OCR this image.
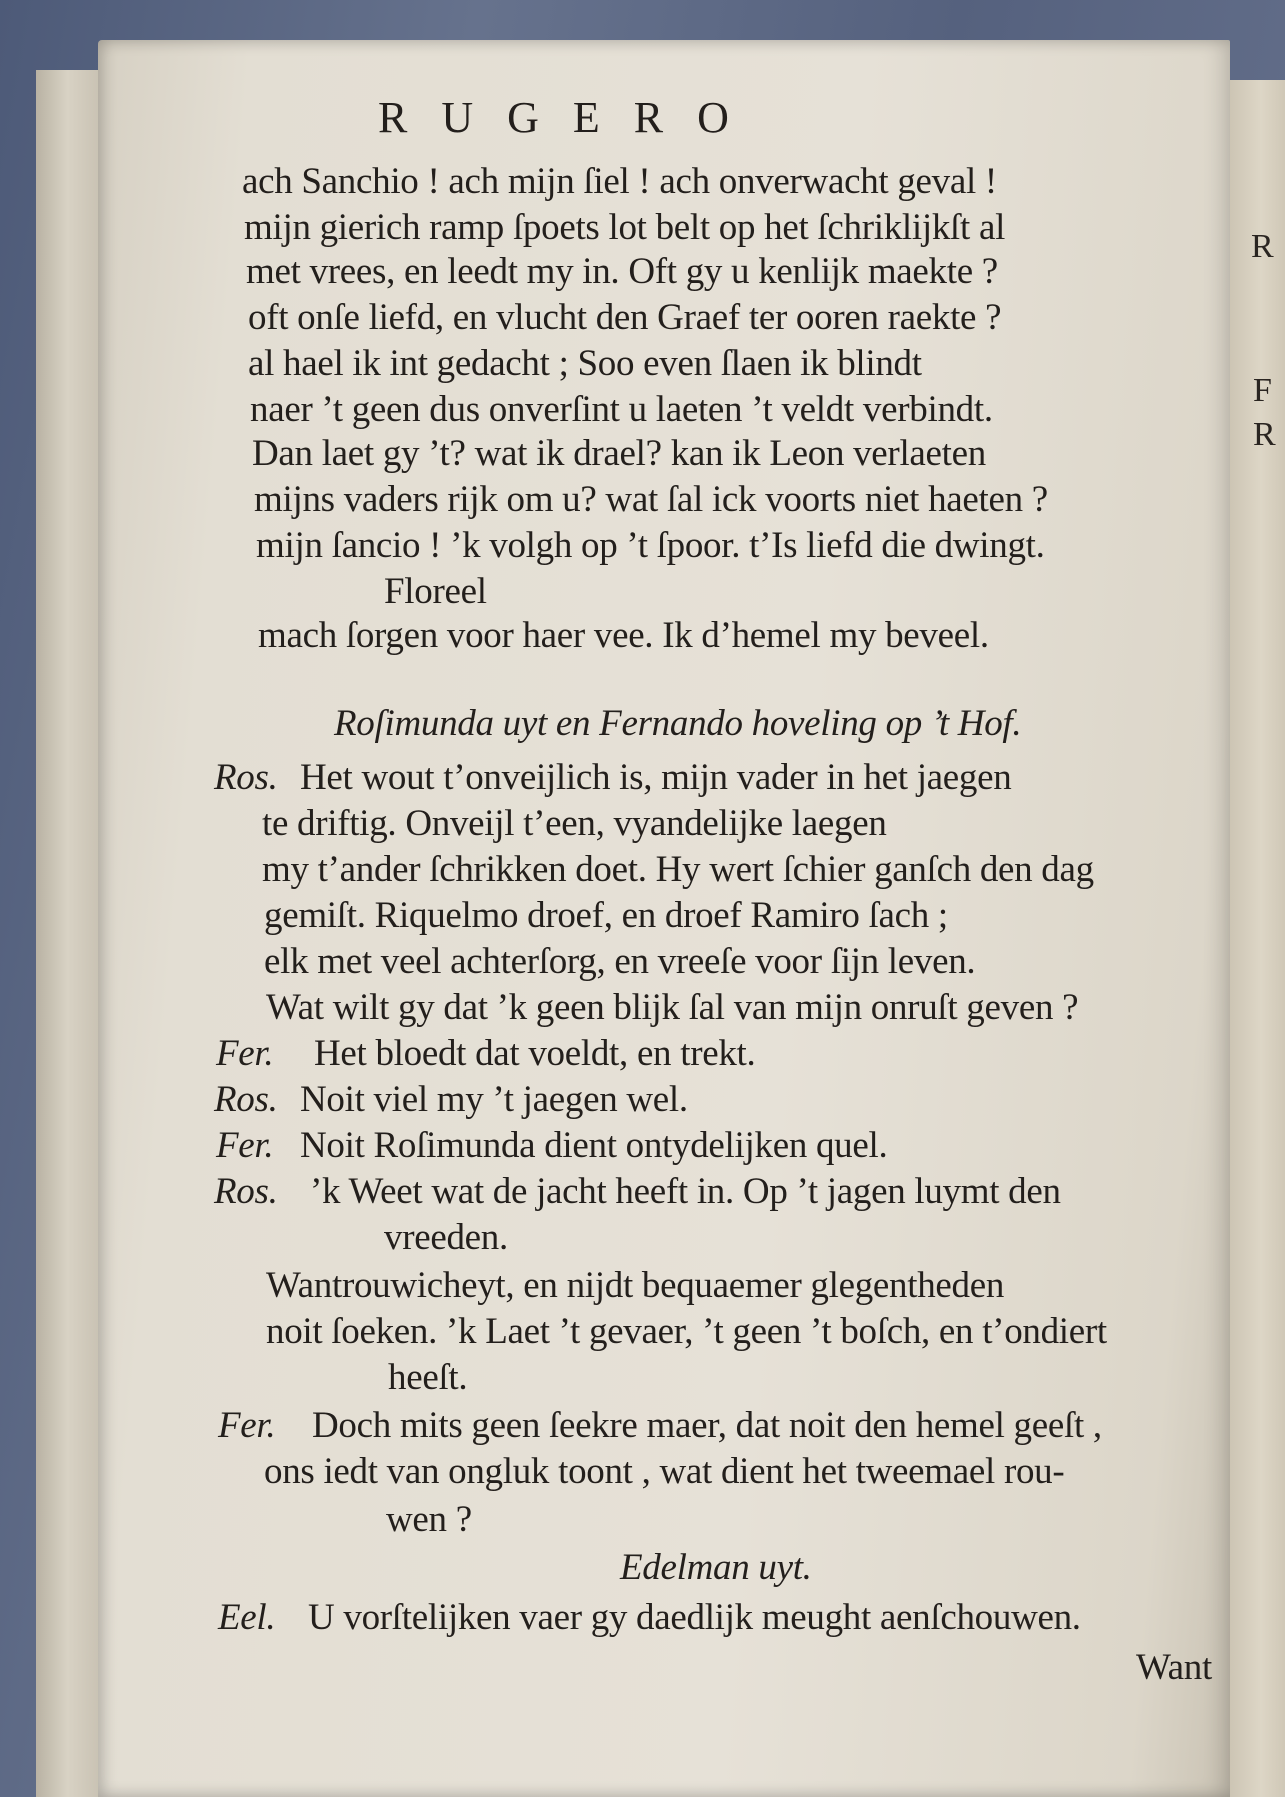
R
F
R
RUGERO
ach Sanchio ! ach mijn ſiel ! ach onverwacht geval !
mijn gierich ramp ſpoets lot belt op het ſchriklijkſt al
met vrees, en leedt my in. Oft gy u kenlijk maekte ?
oft onſe liefd, en vlucht den Graef ter ooren raekte ?
al hael ik int gedacht ; Soo even ſlaen ik blindt
naer ’t geen dus onverſint u laeten ’t veldt verbindt.
Dan laet gy ’t? wat ik drael? kan ik Leon verlaeten
mijns vaders rijk om u? wat ſal ick voorts niet haeten ?
mijn ſancio ! ’k volgh op ’t ſpoor. t’Is liefd die dwingt.
Floreel
mach ſorgen voor haer vee. Ik d’hemel my beveel.
Roſimunda uyt en Fernando hoveling op ’t Hof.
Ros. Het wout t’onveijlich is, mijn vader in het jaegen
te driftig. Onveijl t’een, vyandelijke laegen
my t’ander ſchrikken doet. Hy wert ſchier ganſch den dag
gemiſt. Riquelmo droef, en droef Ramiro ſach ;
elk met veel achterſorg, en vreeſe voor ſijn leven.
Wat wilt gy dat ’k geen blijk ſal van mijn onruſt geven ?
Fer. Het bloedt dat voeldt, en trekt.
Ros. Noit viel my ’t jaegen wel.
Fer. Noit Roſimunda dient ontydelijken quel.
Ros. ’k Weet wat de jacht heeft in. Op ’t jagen luymt den
vreeden.
Wantrouwicheyt, en nijdt bequaemer glegentheden
noit ſoeken. ’k Laet ’t gevaer, ’t geen ’t boſch, en t’ondiert
heeſt.
Fer. Doch mits geen ſeekre maer, dat noit den hemel geeſt ,
ons iedt van ongluk toont , wat dient het tweemael rou-
wen ?
Edelman uyt.
Eel. U vorſtelijken vaer gy daedlijk meught aenſchouwen.
Want
